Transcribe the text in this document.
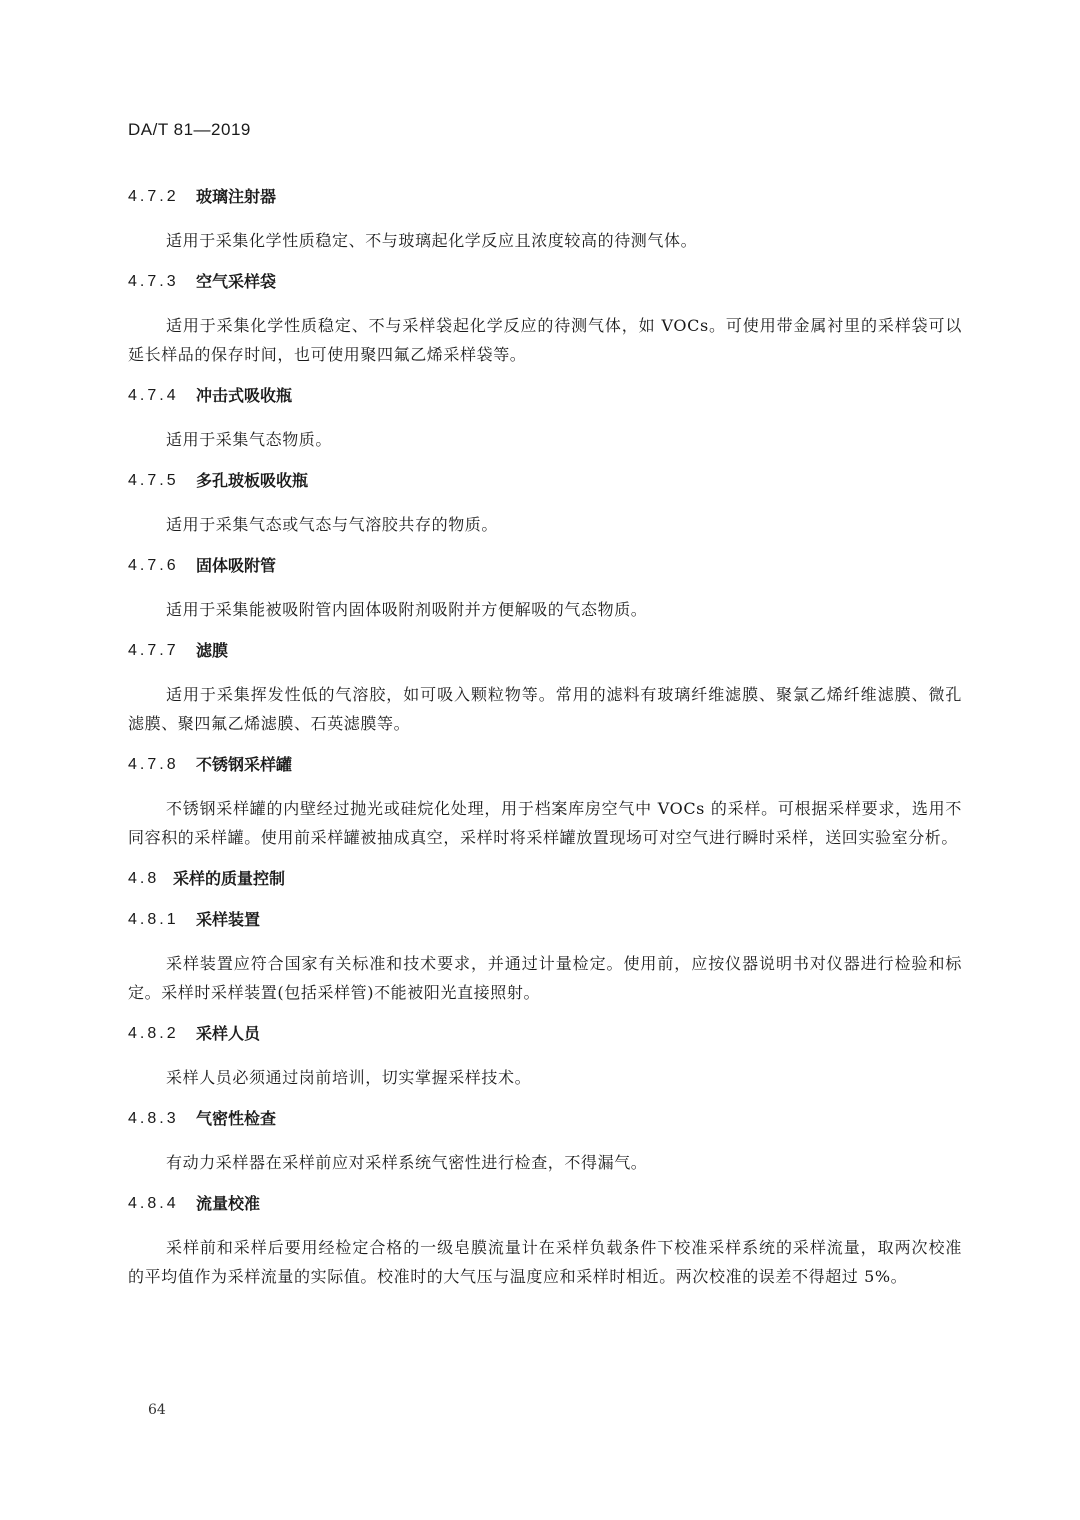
DA/T 81—2019
4.7.2	玻璃注射器
适用于采集化学性质稳定、不与玻璃起化学反应且浓度较高的待测气体。
4.7.3	空气采样袋
适用于采集化学性质稳定、不与采样袋起化学反应的待测气体，如 VOCs。可使用带金属衬里的采样袋可以延长样品的保存时间，也可使用聚四氟乙烯采样袋等。
4.7.4	冲击式吸收瓶
适用于采集气态物质。
4.7.5	多孔玻板吸收瓶
适用于采集气态或气态与气溶胶共存的物质。
4.7.6	固体吸附管
适用于采集能被吸附管内固体吸附剂吸附并方便解吸的气态物质。
4.7.7	滤膜
适用于采集挥发性低的气溶胶，如可吸入颗粒物等。常用的滤料有玻璃纤维滤膜、聚氯乙烯纤维滤膜、微孔滤膜、聚四氟乙烯滤膜、石英滤膜等。
4.7.8	不锈钢采样罐
不锈钢采样罐的内壁经过抛光或硅烷化处理，用于档案库房空气中 VOCs 的采样。可根据采样要求，选用不同容积的采样罐。使用前采样罐被抽成真空，采样时将采样罐放置现场可对空气进行瞬时采样，送回实验室分析。
4.8 采样的质量控制
4.8.1	采样装置
采样装置应符合国家有关标准和技术要求，并通过计量检定。使用前，应按仪器说明书对仪器进行检验和标定。采样时采样装置(包括采样管)不能被阳光直接照射。
4.8.2	采样人员
采样人员必须通过岗前培训，切实掌握采样技术。
4.8.3	气密性检查
有动力采样器在采样前应对采样系统气密性进行检查，不得漏气。
4.8.4	流量校准
采样前和采样后要用经检定合格的一级皂膜流量计在采样负载条件下校准采样系统的采样流量，取两次校准的平均值作为采样流量的实际值。校准时的大气压与温度应和采样时相近。两次校准的误差不得超过 5%。
64
